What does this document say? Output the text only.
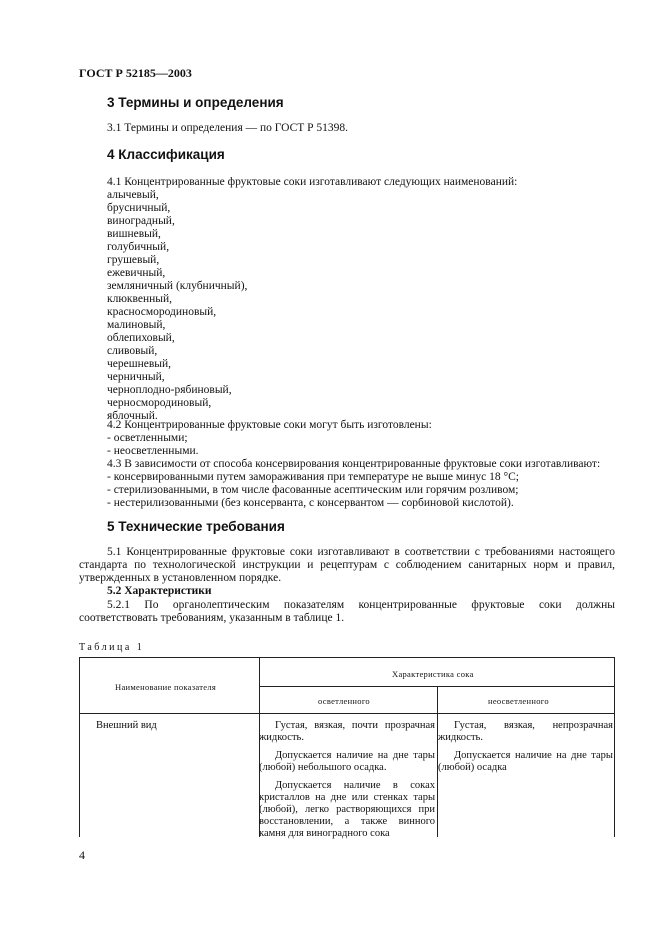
ГОСТ Р 52185—2003
3 Термины и определения
3.1 Термины и определения — по ГОСТ Р 51398.
4 Классификация
4.1 Концентрированные фруктовые соки изготавливают следующих наименований:
алычевый,
брусничный,
виноградный,
вишневый,
голубичный,
грушевый,
ежевичный,
земляничный (клубничный),
клюквенный,
красносмородиновый,
малиновый,
облепиховый,
сливовый,
черешневый,
черничный,
черноплодно-рябиновый,
черносмородиновый,
яблочный.
4.2 Концентрированные фруктовые соки могут быть изготовлены:
- осветленными;
- неосветленными.
4.3 В зависимости от способа консервирования концентрированные фруктовые соки изготавливают:
- консервированными путем замораживания при температуре не выше минус 18 °С;
- стерилизованными, в том числе фасованные асептическим или горячим розливом;
- нестерилизованными (без консерванта, с консервантом — сорбиновой кислотой).
5 Технические требования
5.1 Концентрированные фруктовые соки изготавливают в соответствии с требованиями настоящего стандарта по технологической инструкции и рецептурам с соблюдением санитарных норм и правил, утвержденных в установленном порядке.
5.2 Характеристики
5.2.1 По органолептическим показателям концентрированные фруктовые соки должны соответствовать требованиям, указанным в таблице 1.
Таблица 1
Наименование показателя
Характеристика сока
осветленного	неосветленного
Внешний вид	Густая, вязкая, почти прозрачная жидкость.

Допускается наличие на дне тары (любой) небольшого осадка.

Допускается наличие в соках кристаллов на дне или стенках тары (любой), легко растворяющихся при восстановлении, а также винного камня для виноградного сока

Густая, вязкая, непрозрачная жидкость.

Допускается наличие на дне тары (любой) осадка

4
